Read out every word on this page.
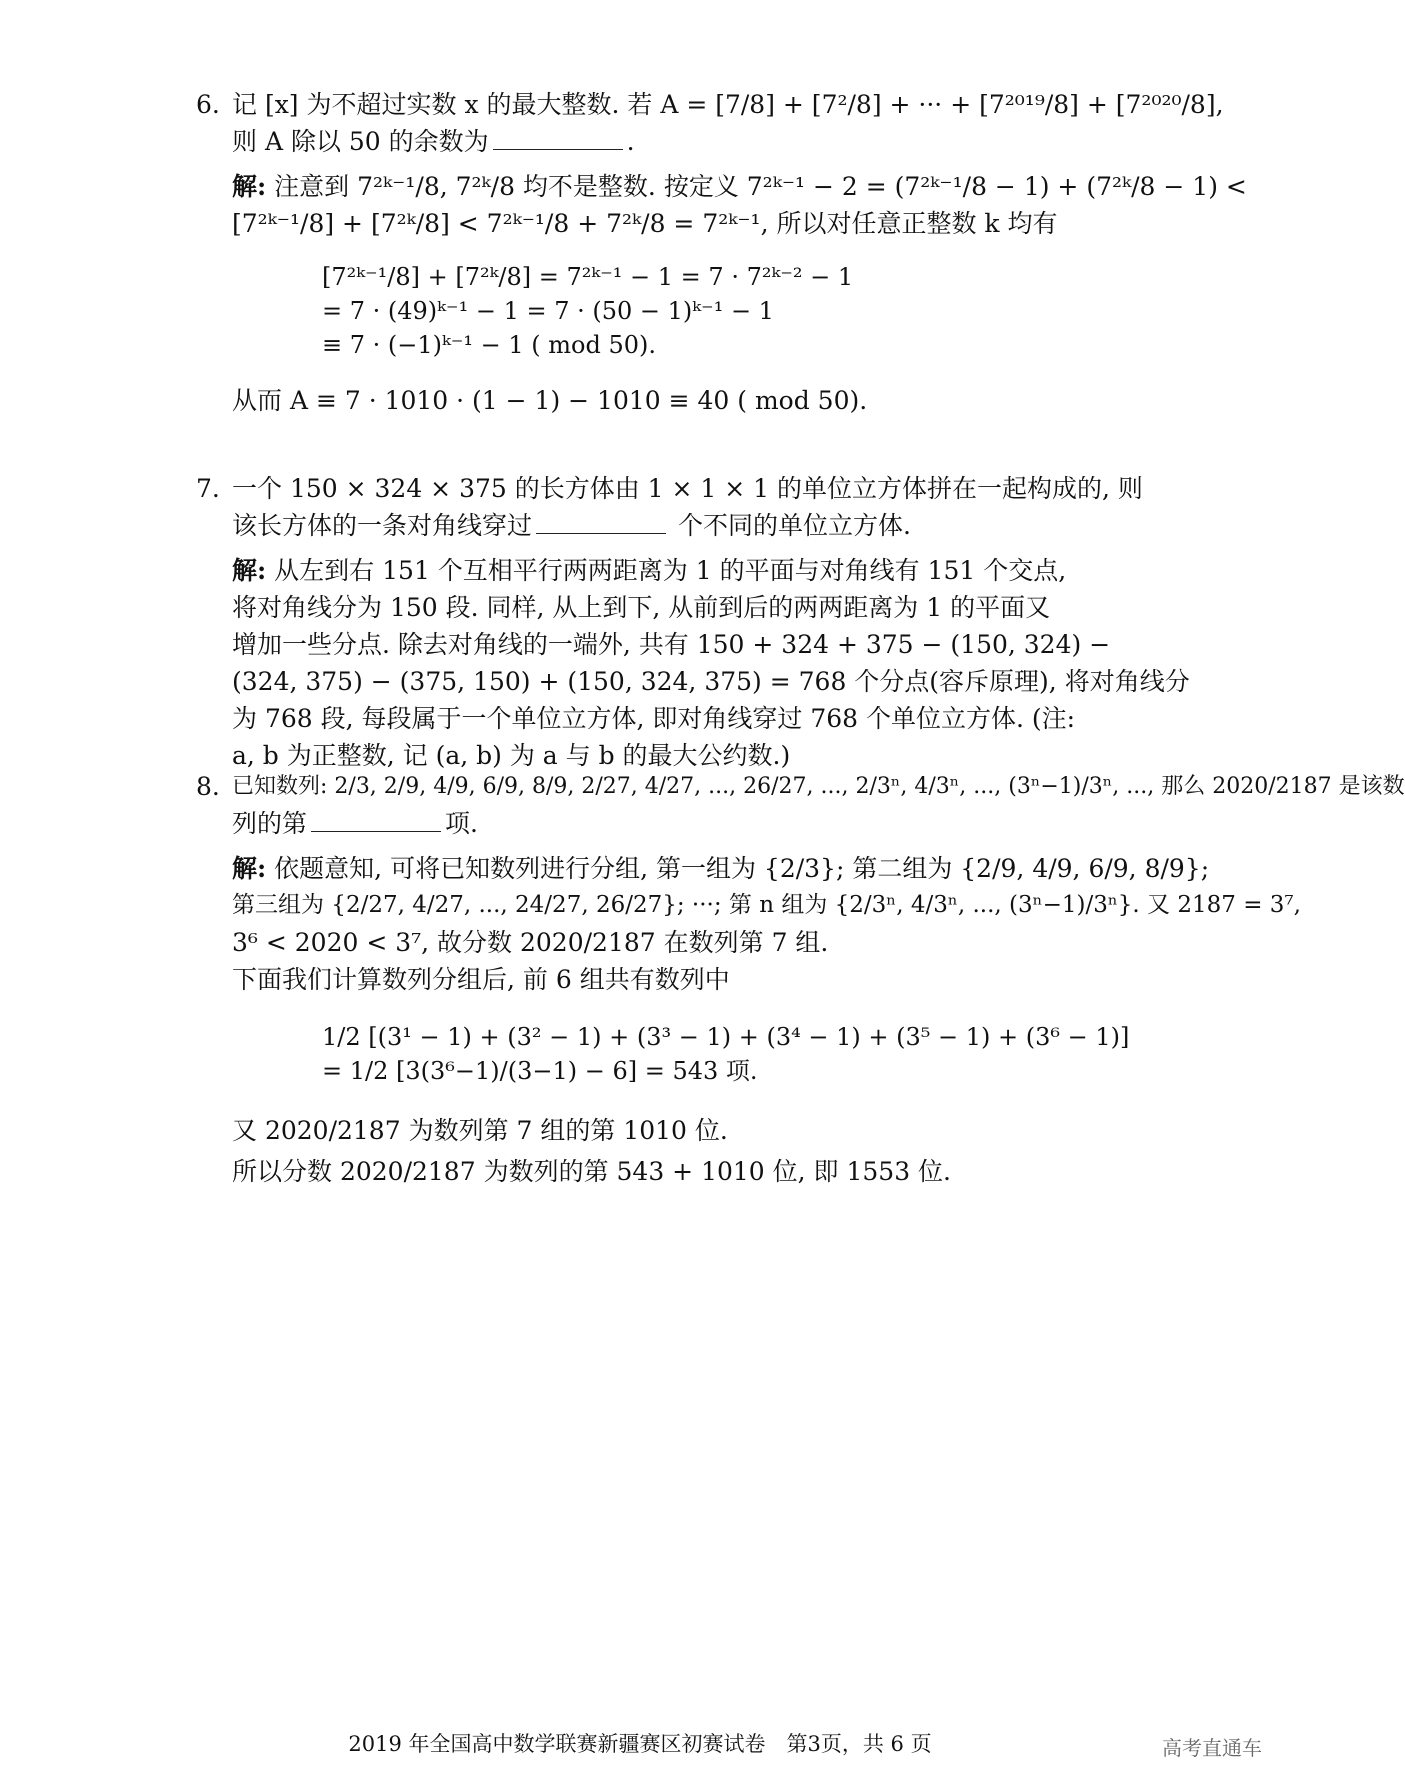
6. 记 [x] 为不超过实数 x 的最大整数. 若 A = [7/8] + [7²/8] + ··· + [7²⁰¹⁹/8] + [7²⁰²⁰/8],
则 A 除以 50 的余数为	.
解: 注意到 7²ᵏ⁻¹/8, 7²ᵏ/8 均不是整数. 按定义 7²ᵏ⁻¹ − 2 = (7²ᵏ⁻¹/8 − 1) + (7²ᵏ/8 − 1) <
[7²ᵏ⁻¹/8] + [7²ᵏ/8] < 7²ᵏ⁻¹/8 + 7²ᵏ/8 = 7²ᵏ⁻¹, 所以对任意正整数 k 均有
[7²ᵏ⁻¹/8] + [7²ᵏ/8] = 7²ᵏ⁻¹ − 1 = 7 · 7²ᵏ⁻² − 1
= 7 · (49)ᵏ⁻¹ − 1 = 7 · (50 − 1)ᵏ⁻¹ − 1
≡ 7 · (−1)ᵏ⁻¹ − 1 ( mod 50).
从而 A ≡ 7 · 1010 · (1 − 1) − 1010 ≡ 40 ( mod 50).
7. 一个 150 × 324 × 375 的长方体由 1 × 1 × 1 的单位立方体拼在一起构成的, 则
该长方体的一条对角线穿过	个不同的单位立方体.
解: 从左到右 151 个互相平行两两距离为 1 的平面与对角线有 151 个交点,
将对角线分为 150 段. 同样, 从上到下, 从前到后的两两距离为 1 的平面又
增加一些分点. 除去对角线的一端外, 共有 150 + 324 + 375 − (150, 324) −
(324, 375) − (375, 150) + (150, 324, 375) = 768 个分点(容斥原理), 将对角线分
为 768 段, 每段属于一个单位立方体, 即对角线穿过 768 个单位立方体. (注:
a, b 为正整数, 记 (a, b) 为 a 与 b 的最大公约数.)
8. 已知数列: 2/3, 2/9, 4/9, 6/9, 8/9, 2/27, 4/27, ..., 26/27, ..., 2/3ⁿ, 4/3ⁿ, ..., (3ⁿ−1)/3ⁿ, ..., 那么 2020/2187 是该数
列的第	项.
解: 依题意知, 可将已知数列进行分组, 第一组为 {2/3}; 第二组为 {2/9, 4/9, 6/9, 8/9};
第三组为 {2/27, 4/27, ..., 24/27, 26/27}; ···; 第 n 组为 {2/3ⁿ, 4/3ⁿ, ..., (3ⁿ−1)/3ⁿ}. 又 2187 = 3⁷,
3⁶ < 2020 < 3⁷, 故分数 2020/2187 在数列第 7 组.
下面我们计算数列分组后, 前 6 组共有数列中
1/2 [(3¹ − 1) + (3² − 1) + (3³ − 1) + (3⁴ − 1) + (3⁵ − 1) + (3⁶ − 1)]
= 1/2 [3(3⁶−1)/(3−1) − 6] = 543 项.
又 2020/2187 为数列第 7 组的第 1010 位.
所以分数 2020/2187 为数列的第 543 + 1010 位, 即 1553 位.
2019 年全国高中数学联赛新疆赛区初赛试卷　第3页，共 6 页	高考直通车
